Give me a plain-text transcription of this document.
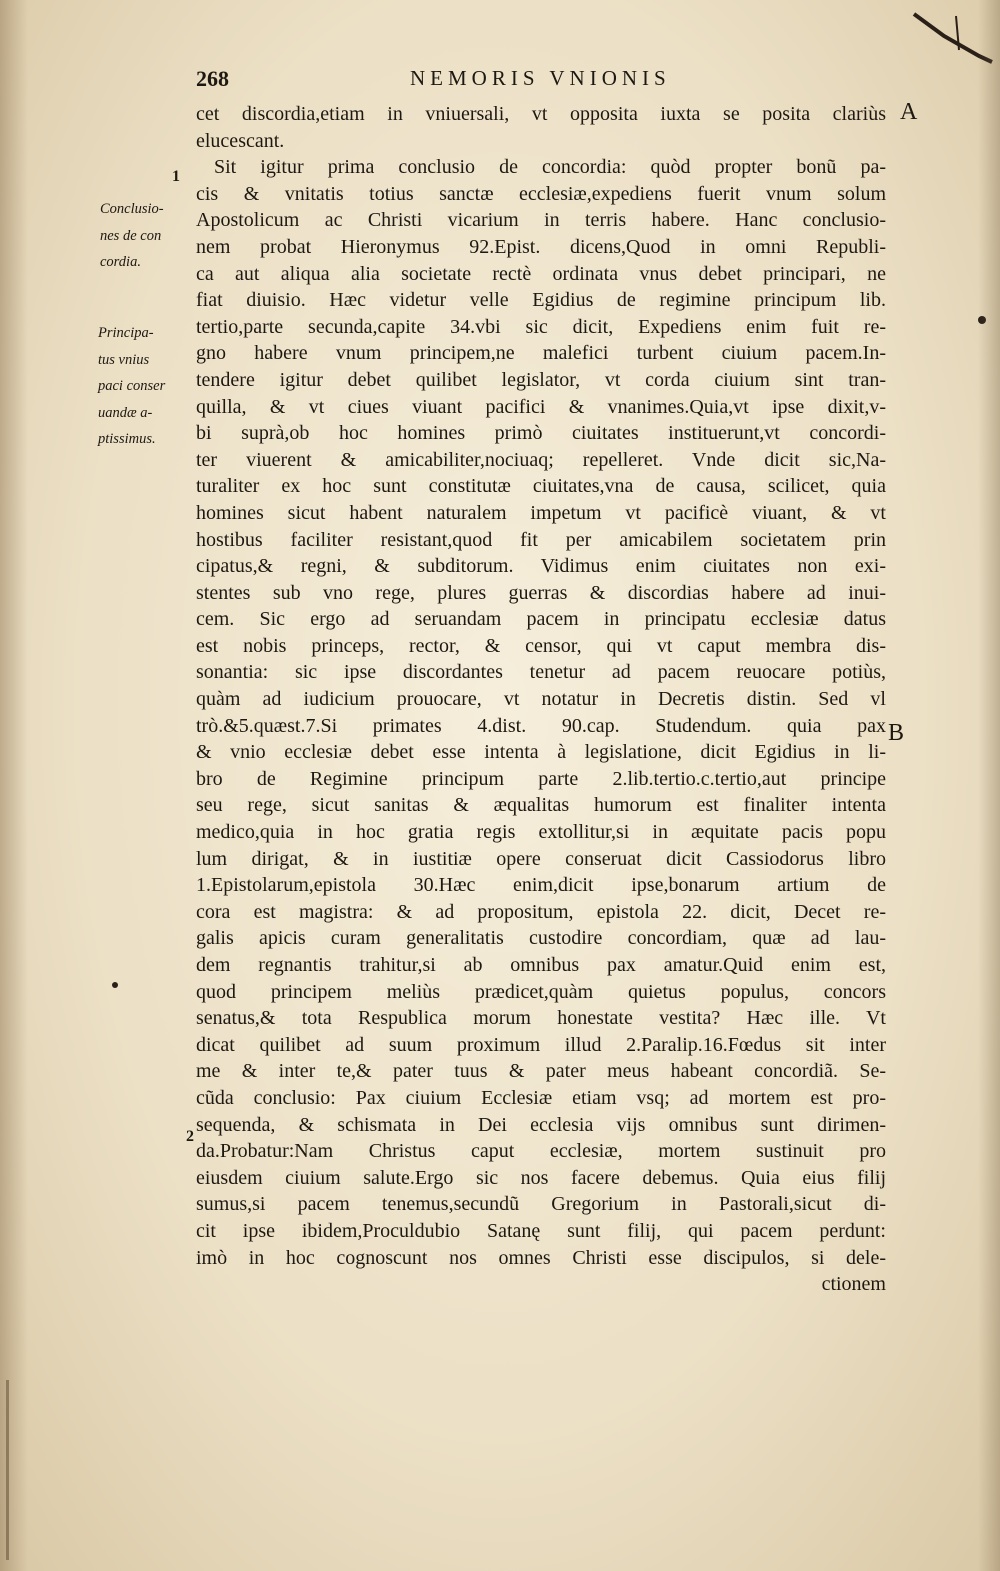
268	NEMORIS VNIONIS
A
B
1
2
Conclusio-
nes de con
cordia.
Principa-
tus vnius
paci conser
uandæ a-
ptissimus.
cet discordia,etiam in vniuersali, vt opposita iuxta se posita clariùs
elucescant.
Sit igitur prima conclusio de concordia: quòd propter bonũ pa-
cis & vnitatis totius sanctæ ecclesiæ,expediens fuerit vnum solum
Apostolicum ac Christi vicarium in terris habere. Hanc conclusio-
nem probat Hieronymus 92.Epist. dicens,Quod in omni Republi-
ca aut aliqua alia societate rectè ordinata vnus debet principari, ne
fiat diuisio. Hæc videtur velle Egidius de regimine principum lib.
tertio,parte secunda,capite 34.vbi sic dicit, Expediens enim fuit re-
gno habere vnum principem,ne malefici turbent ciuium pacem.In-
tendere igitur debet quilibet legislator, vt corda ciuium sint tran-
quilla, & vt ciues viuant pacifici & vnanimes.Quia,vt ipse dixit,v-
bi suprà,ob hoc homines primò ciuitates instituerunt,vt concordi-
ter viuerent & amicabiliter,nociuaq; repelleret. Vnde dicit sic,Na-
turaliter ex hoc sunt constitutæ ciuitates,vna de causa, scilicet, quia
homines sicut habent naturalem impetum vt pacificè viuant, & vt
hostibus faciliter resistant,quod fit per amicabilem societatem prin
cipatus,& regni, & subditorum. Vidimus enim ciuitates non exi-
stentes sub vno rege, plures guerras & discordias habere ad inui-
cem. Sic ergo ad seruandam pacem in principatu ecclesiæ datus
est nobis princeps, rector, & censor, qui vt caput membra dis-
sonantia: sic ipse discordantes tenetur ad pacem reuocare potiùs,
quàm ad iudicium prouocare, vt notatur in Decretis distin. Sed vl
trò.&5.quæst.7.Si primates 4.dist. 90.cap. Studendum. quia pax
& vnio ecclesiæ debet esse intenta à legislatione, dicit Egidius in li-
bro de Regimine principum parte 2.lib.tertio.c.tertio,aut principe
seu rege, sicut sanitas & æqualitas humorum est finaliter intenta
medico,quia in hoc gratia regis extollitur,si in æquitate pacis popu
lum dirigat, & in iustitiæ opere conseruat dicit Cassiodorus libro
1.Epistolarum,epistola 30.Hæc enim,dicit ipse,bonarum artium de
cora est magistra: & ad propositum, epistola 22. dicit, Decet re-
galis apicis curam generalitatis custodire concordiam, quæ ad lau-
dem regnantis trahitur,si ab omnibus pax amatur.Quid enim est,
quod principem meliùs prædicet,quàm quietus populus, concors
senatus,& tota Respublica morum honestate vestita? Hæc ille. Vt
dicat quilibet ad suum proximum illud 2.Paralip.16.Fœdus sit inter
me & inter te,& pater tuus & pater meus habeant concordiã. Se-
cũda conclusio: Pax ciuium Ecclesiæ etiam vsq; ad mortem est pro-
sequenda, & schismata in Dei ecclesia vijs omnibus sunt dirimen-
da.Probatur:Nam Christus caput ecclesiæ, mortem sustinuit pro
eiusdem ciuium salute.Ergo sic nos facere debemus. Quia eius filij
sumus,si pacem tenemus,secundũ Gregorium in Pastorali,sicut di-
cit ipse ibidem,Proculdubio Satanę sunt filij, qui pacem perdunt:
imò in hoc cognoscunt nos omnes Christi esse discipulos, si dele-
ctionem
